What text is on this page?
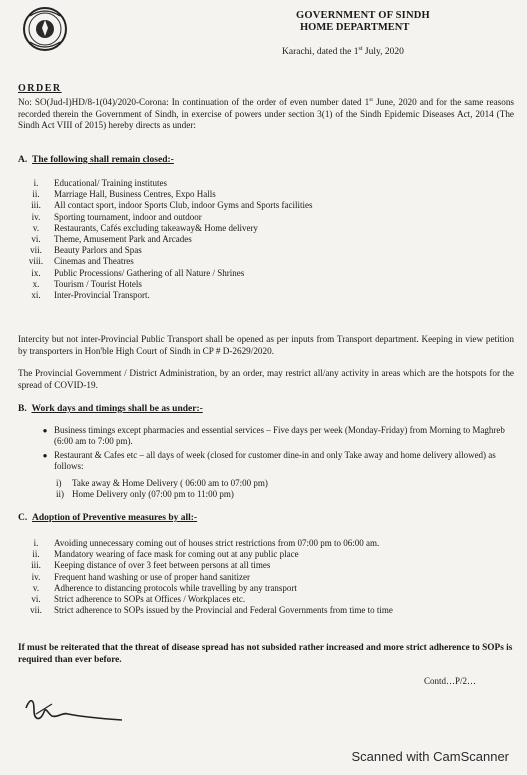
GOVERNMENT OF SINDH
HOME DEPARTMENT
Karachi, dated the 1st July, 2020
ORDER
No: SO(Jud-I)HD/8-1(04)/2020-Corona: In continuation of the order of even number dated 1st June, 2020 and for the same reasons recorded therein the Government of Sindh, in exercise of powers under section 3(1) of the Sindh Epidemic Diseases Act, 2014 (The Sindh Act VIII of 2015) hereby directs as under:
A. The following shall remain closed:-
i.	Educational/ Training institutes
ii.	Marriage Hall, Business Centres, Expo Halls
iii.	All contact sport, indoor Sports Club, indoor Gyms and Sports facilities
iv.	Sporting tournament, indoor and outdoor
v.	Restaurants, Cafés excluding takeaway& Home delivery
vi.	Theme, Amusement Park and Arcades
vii.	Beauty Parlors and Spas
viii.	Cinemas and Theatres
ix.	Public Processions/ Gathering of all Nature / Shrines
x.	Tourism / Tourist Hotels
xi.	Inter-Provincial Transport.
Intercity but not inter-Provincial Public Transport shall be opened as per inputs from Transport department. Keeping in view petition by transporters in Hon'ble High Court of Sindh in CP # D-2629/2020.
The Provincial Government / District Administration, by an order, may restrict all/any activity in areas which are the hotspots for the spread of COVID-19.
B. Work days and timings shall be as under:-
● Business timings except pharmacies and essential services – Five days per week (Monday-Friday) from Morning to Maghreb (6:00 am to 7:00 pm).
● Restaurant & Cafes etc – all days of week (closed for customer dine-in and only Take away and home delivery allowed) as follows:
i)	Take away & Home Delivery ( 06:00 am to 07:00 pm)
ii) Home Delivery only (07:00 pm to 11:00 pm)
C. Adoption of Preventive measures by all:-
i.	Avoiding unnecessary coming out of houses strict restrictions from 07:00 pm to 06:00 am.
ii.	Mandatory wearing of face mask for coming out at any public place
iii.	Keeping distance of over 3 feet between persons at all times
iv.	Frequent hand washing or use of proper hand sanitizer
v.	Adherence to distancing protocols while travelling by any transport
vi.	Strict adherence to SOPs at Offices / Workplaces etc.
vii.	Strict adherence to SOPs issued by the Provincial and Federal Governments from time to time
If must be reiterated that the threat of disease spread has not subsided rather increased and more strict adherence to SOPs is required than ever before.
Contd…P/2…
Scanned with CamScanner
